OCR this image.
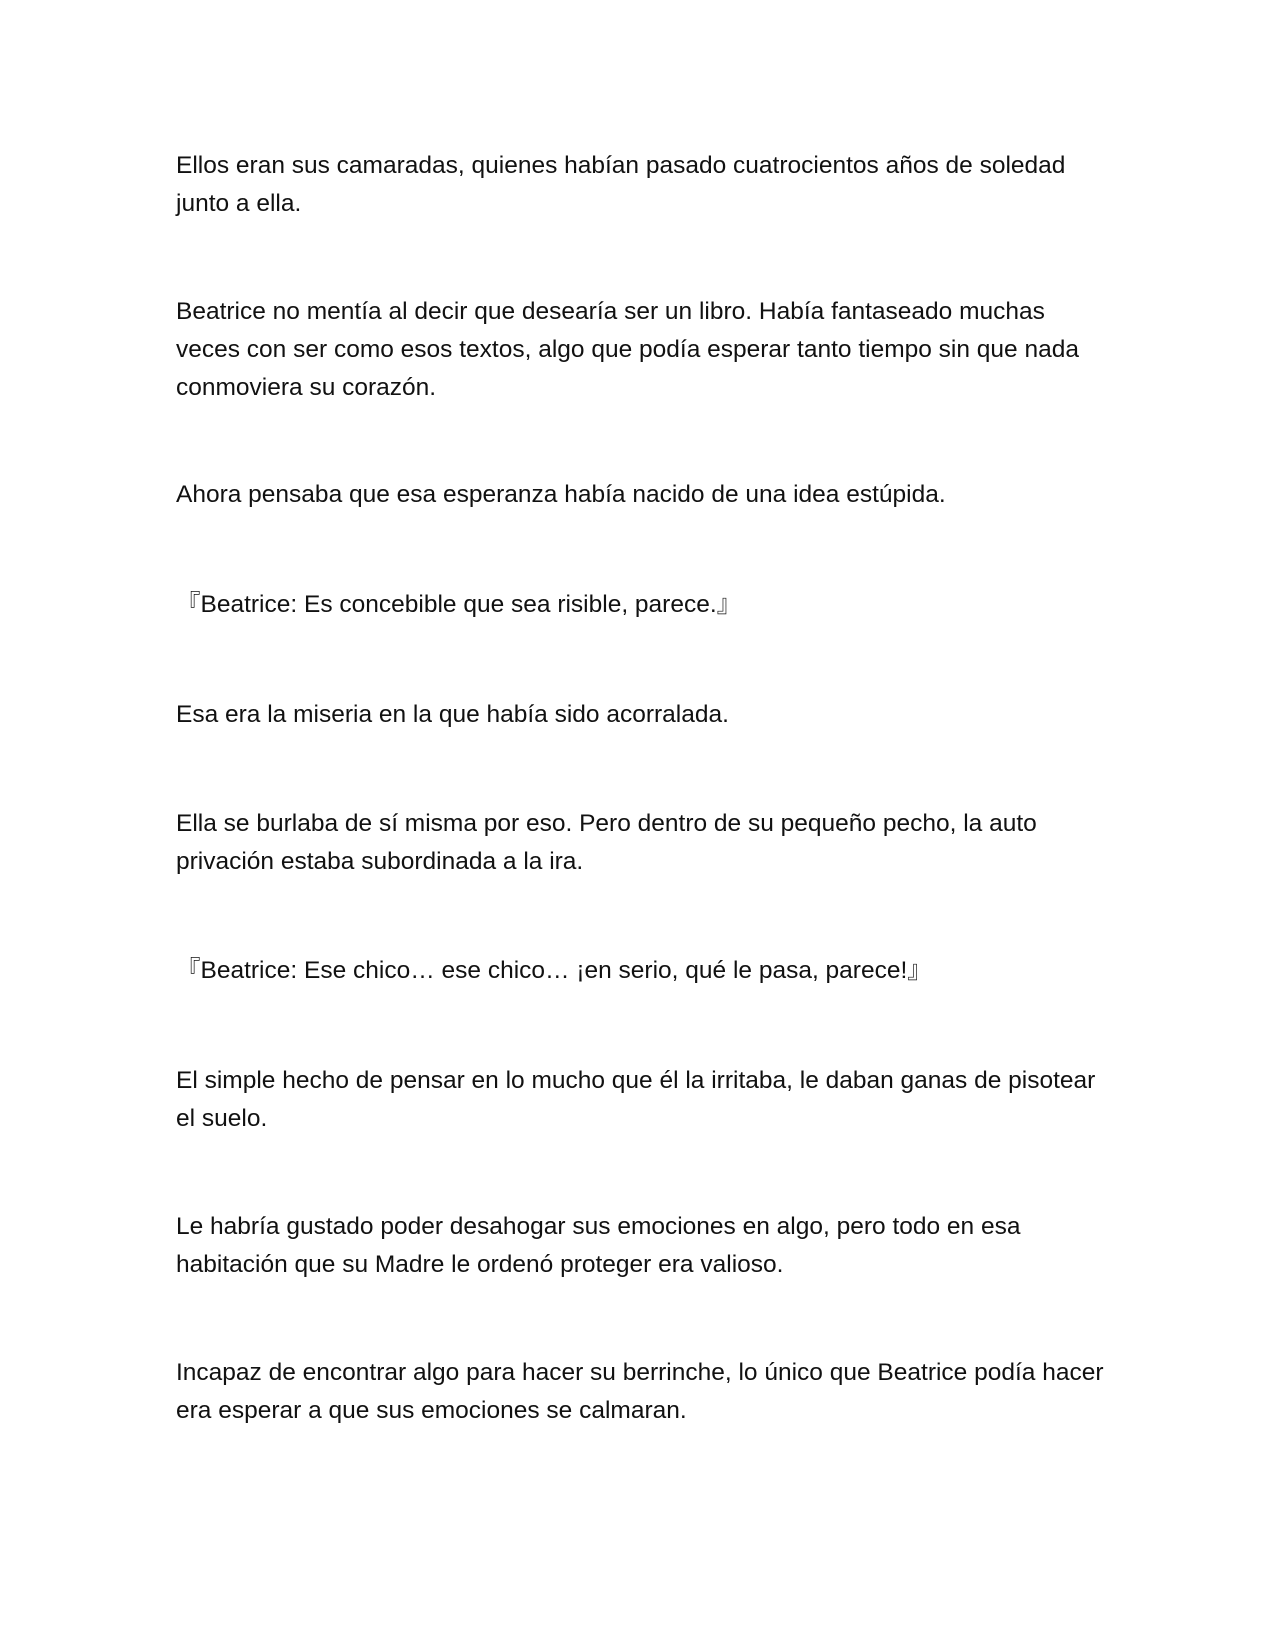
Ellos eran sus camaradas, quienes habían pasado cuatrocientos años de soledad junto a ella.

Beatrice no mentía al decir que desearía ser un libro. Había fantaseado muchas veces con ser como esos textos, algo que podía esperar tanto tiempo sin que nada conmoviera su corazón.

Ahora pensaba que esa esperanza había nacido de una idea estúpida.

『Beatrice: Es concebible que sea risible, parece.』

Esa era la miseria en la que había sido acorralada.

Ella se burlaba de sí misma por eso. Pero dentro de su pequeño pecho, la auto privación estaba subordinada a la ira.

『Beatrice: Ese chico… ese chico… ¡en serio, qué le pasa, parece!』

El simple hecho de pensar en lo mucho que él la irritaba, le daban ganas de pisotear el suelo.

Le habría gustado poder desahogar sus emociones en algo, pero todo en esa habitación que su Madre le ordenó proteger era valioso.

Incapaz de encontrar algo para hacer su berrinche, lo único que Beatrice podía hacer era esperar a que sus emociones se calmaran.
